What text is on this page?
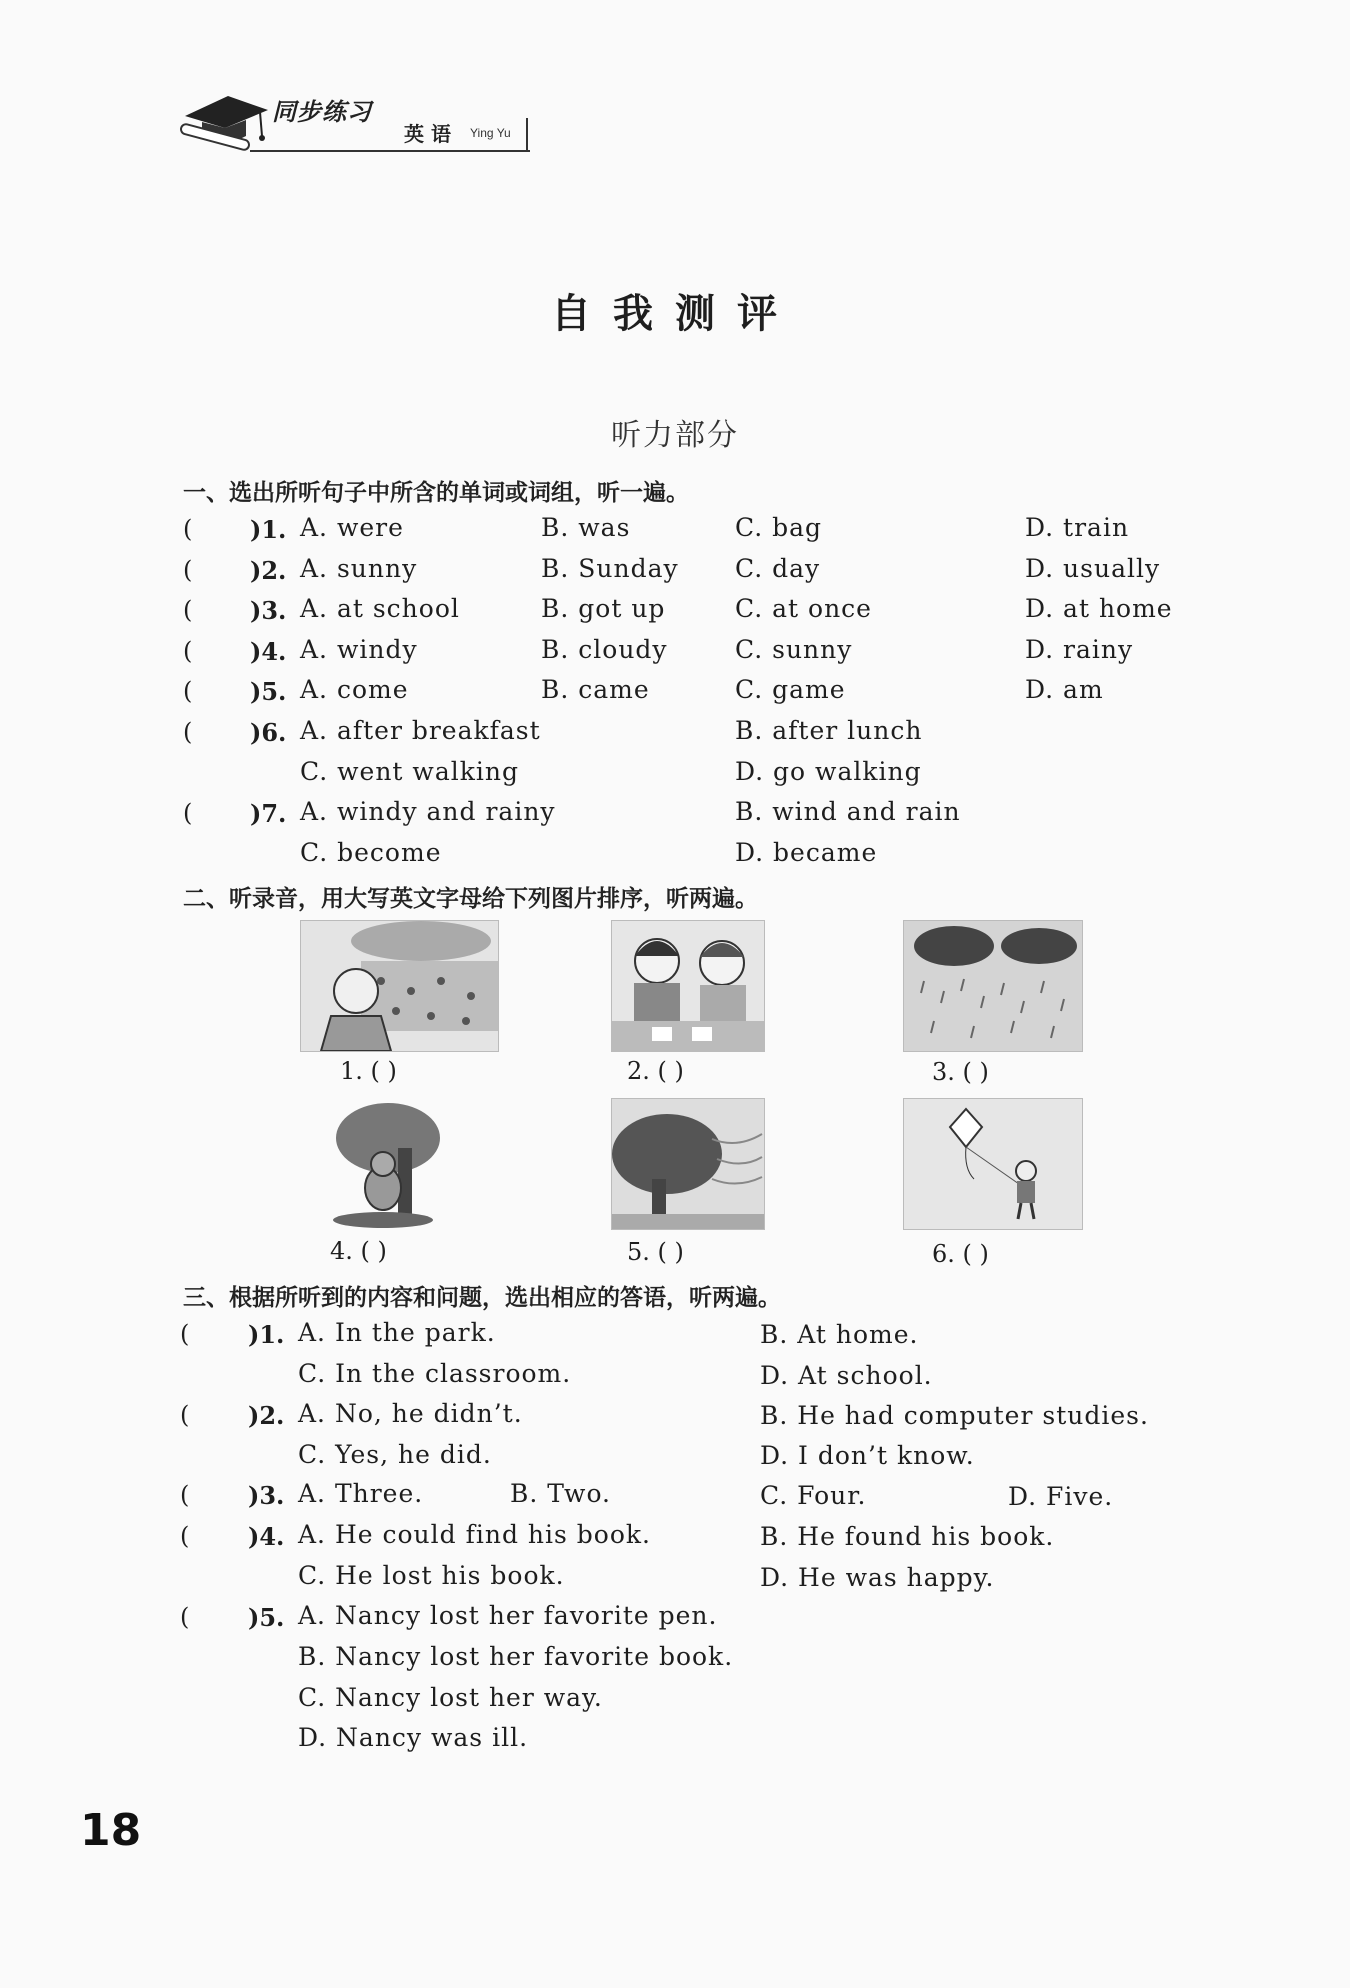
同步练习
英 语 Ying Yu
自我测评
听力部分
一、选出所听句子中所含的单词或词组，听一遍。
( )1. A. were	B. was	C. bag	D. train
( )2. A. sunny	B. Sunday C. day	D. usually
( )3. A. at school	B. got up	C. at once	D. at home
( )4. A. windy	B. cloudy	C. sunny	D. rainy
( )5. A. come	B. came	C. game	D. am
( )6. A. after breakfast	B. after lunch
C. went walking	D. go walking
( )7. A. windy and rainy	B. wind and rain
C. become	D. became
二、听录音，用大写英文字母给下列图片排序，听两遍。
1. ( )	2. ( )	3. ( )
4. ( )	5. ( )	6. ( )
三、根据所听到的内容和问题，选出相应的答语，听两遍。
( )1. A. In the park.	B. At home.
C. In the classroom.	D. At school.
( )2. A. No, he didn’t.	B. He had computer studies.
C. Yes, he did.	D. I don’t know.
( )3. A. Three.	B. Two.	C. Four.	D. Five.
( )4. A. He could find his book.	B. He found his book.
C. He lost his book.	D. He was happy.
( )5. A. Nancy lost her favorite pen.
B. Nancy lost her favorite book.
C. Nancy lost her way.
D. Nancy was ill.
18
